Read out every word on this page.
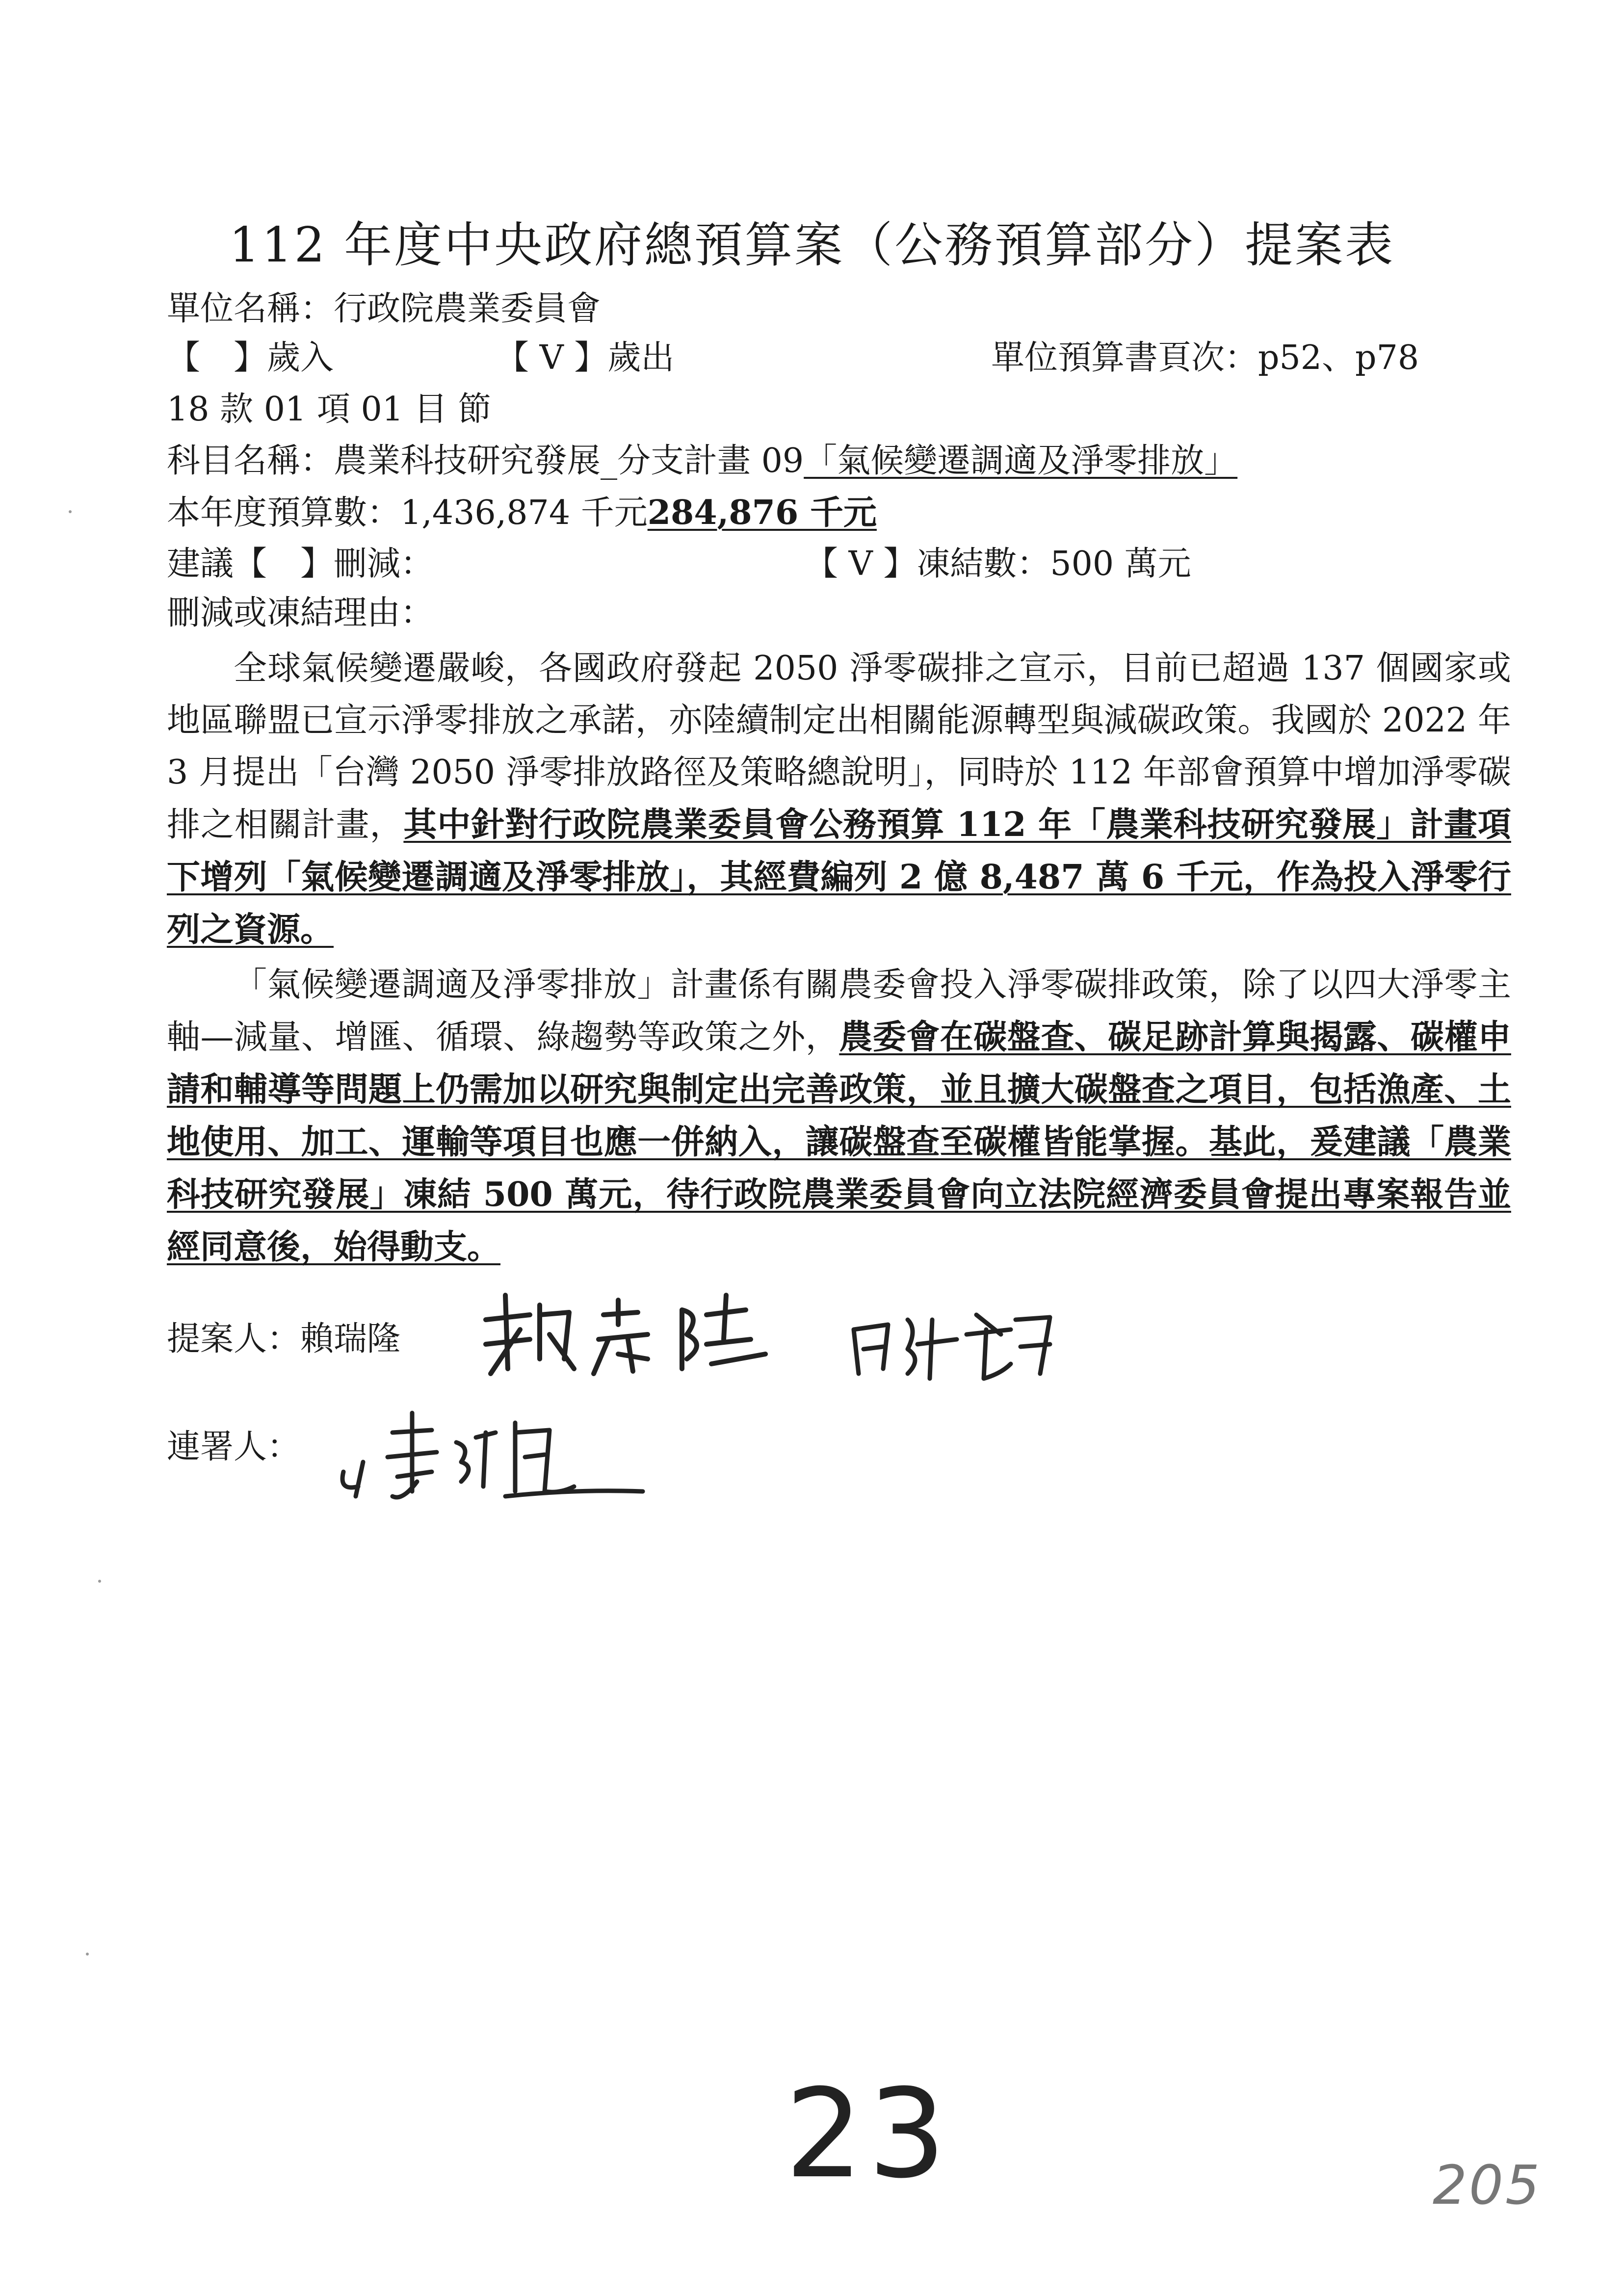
112 年度中央政府總預算案（公務預算部分）提案表
單位名稱：行政院農業委員會
【　】歲入	【 V 】歲出	單位預算書頁次：p52、p78
18 款 01 項 01 目 節
科目名稱：農業科技研究發展_分支計畫 09「氣候變遷調適及淨零排放」
本年度預算數：1,436,874 千元284,876 千元
建議【　】刪減：	【 V 】凍結數：500 萬元
刪減或凍結理由：
全球氣候變遷嚴峻，各國政府發起 2050 淨零碳排之宣示，目前已超過 137 個國家或地區聯盟已宣示淨零排放之承諾，亦陸續制定出相關能源轉型與減碳政策。我國於 2022 年 3 月提出「台灣 2050 淨零排放路徑及策略總說明」，同時於 112 年部會預算中增加淨零碳排之相關計畫，其中針對行政院農業委員會公務預算 112 年「農業科技研究發展」計畫項下增列「氣候變遷調適及淨零排放」，其經費編列 2 億 8,487 萬 6 千元，作為投入淨零行列之資源。
「氣候變遷調適及淨零排放」計畫係有關農委會投入淨零碳排政策，除了以四大淨零主軸—減量、增匯、循環、綠趨勢等政策之外，農委會在碳盤查、碳足跡計算與揭露、碳權申請和輔導等問題上仍需加以研究與制定出完善政策，並且擴大碳盤查之項目，包括漁產、土地使用、加工、運輸等項目也應一併納入，讓碳盤查至碳權皆能掌握。基此，爰建議「農業科技研究發展」凍結 500 萬元，待行政院農業委員會向立法院經濟委員會提出專案報告並經同意後，始得動支。
提案人：賴瑞隆
連署人：
23	205
